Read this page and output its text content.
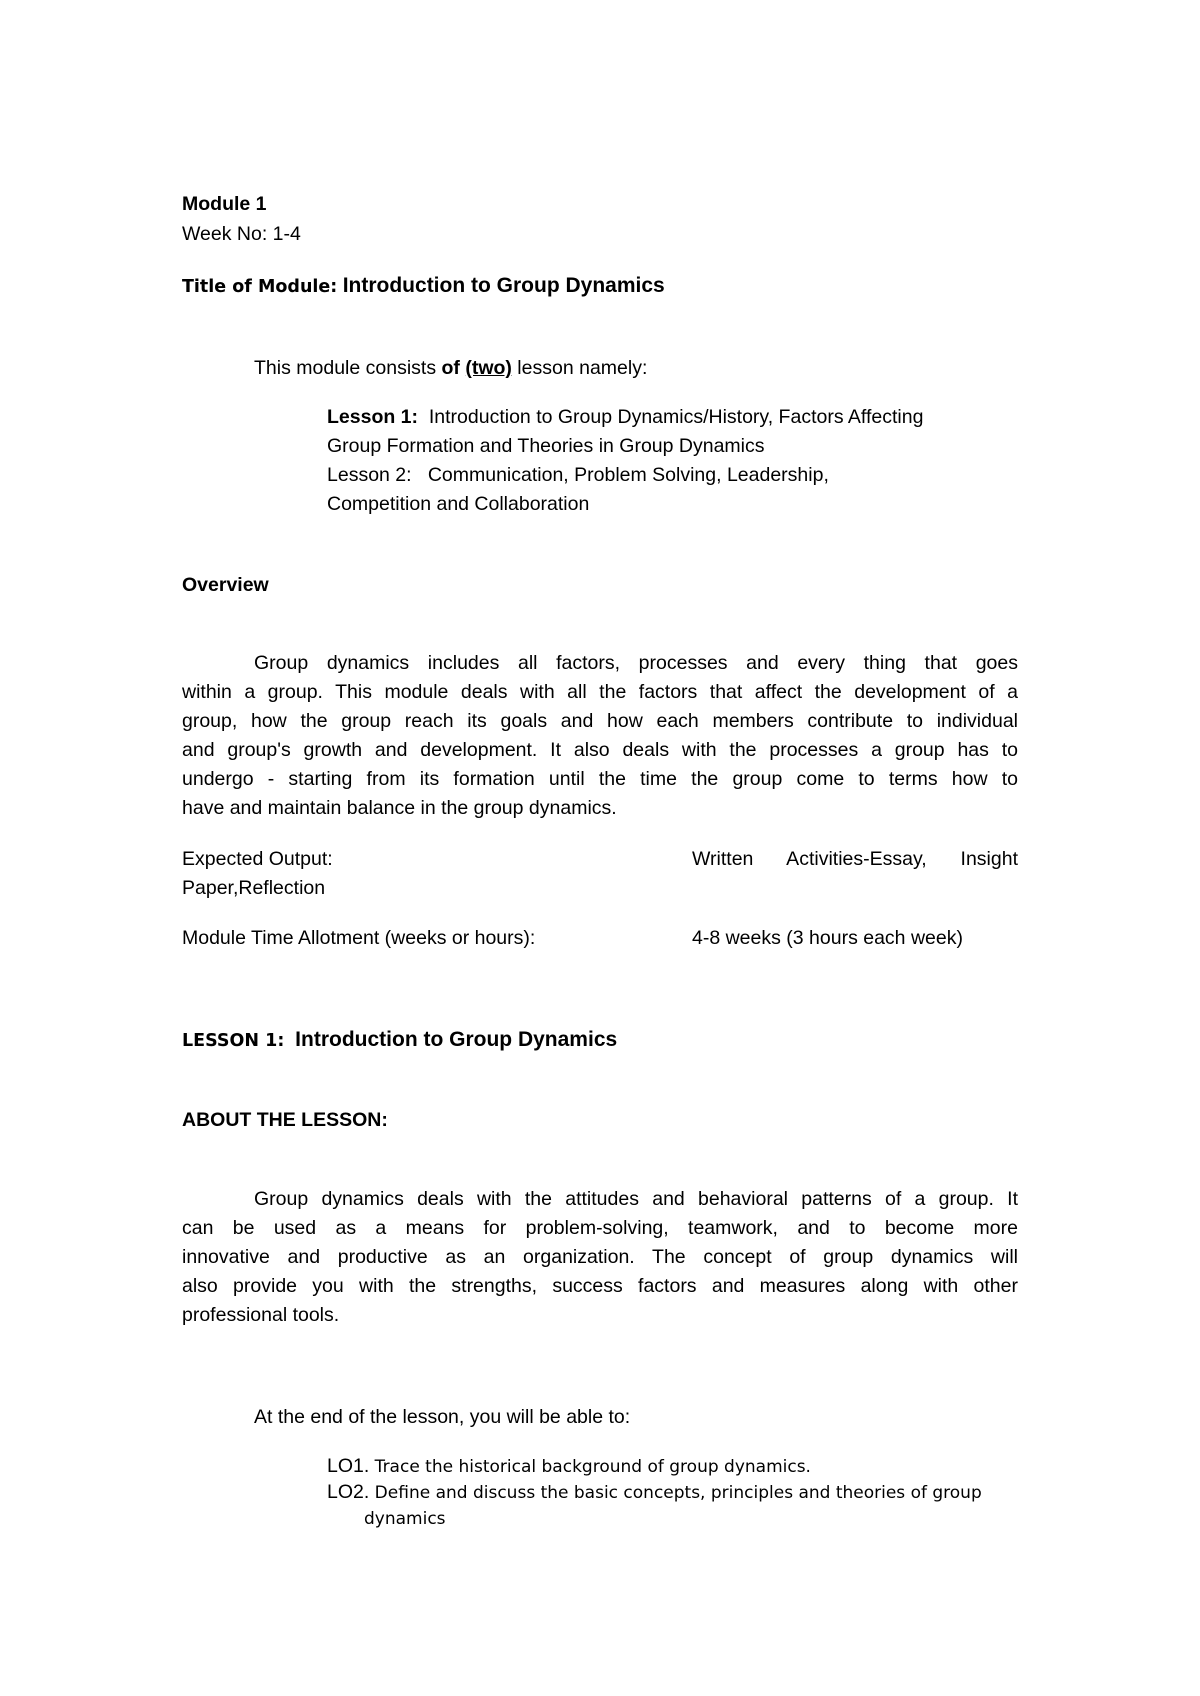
Module 1
Week No: 1-4
Title of Module: Introduction to Group Dynamics
This module consists of (two) lesson namely:
Lesson 1: Introduction to Group Dynamics/History, Factors Affecting
Group Formation and Theories in Group Dynamics
Lesson 2: Communication, Problem Solving, Leadership,
Competition and Collaboration
Overview
Group dynamics includes all factors, processes and every thing that goes
within a group. This module deals with all the factors that affect the development of a
group, how the group reach its goals and how each members contribute to individual
and group's growth and development. It also deals with the processes a group has to
undergo - starting from its formation until the time the group come to terms how to
have and maintain balance in the group dynamics.
Expected Output:	Written Activities-Essay, Insight
Paper,Reflection
Module Time Allotment (weeks or hours):	4-8 weeks (3 hours each week)
LESSON 1: Introduction to Group Dynamics
ABOUT THE LESSON:
Group dynamics deals with the attitudes and behavioral patterns of a group. It
can be used as a means for problem-solving, teamwork, and to become more
innovative and productive as an organization. The concept of group dynamics will
also provide you with the strengths, success factors and measures along with other
professional tools.
At the end of the lesson, you will be able to:
LO1. Trace the historical background of group dynamics.
LO2. Define and discuss the basic concepts, principles and theories of group
dynamics
